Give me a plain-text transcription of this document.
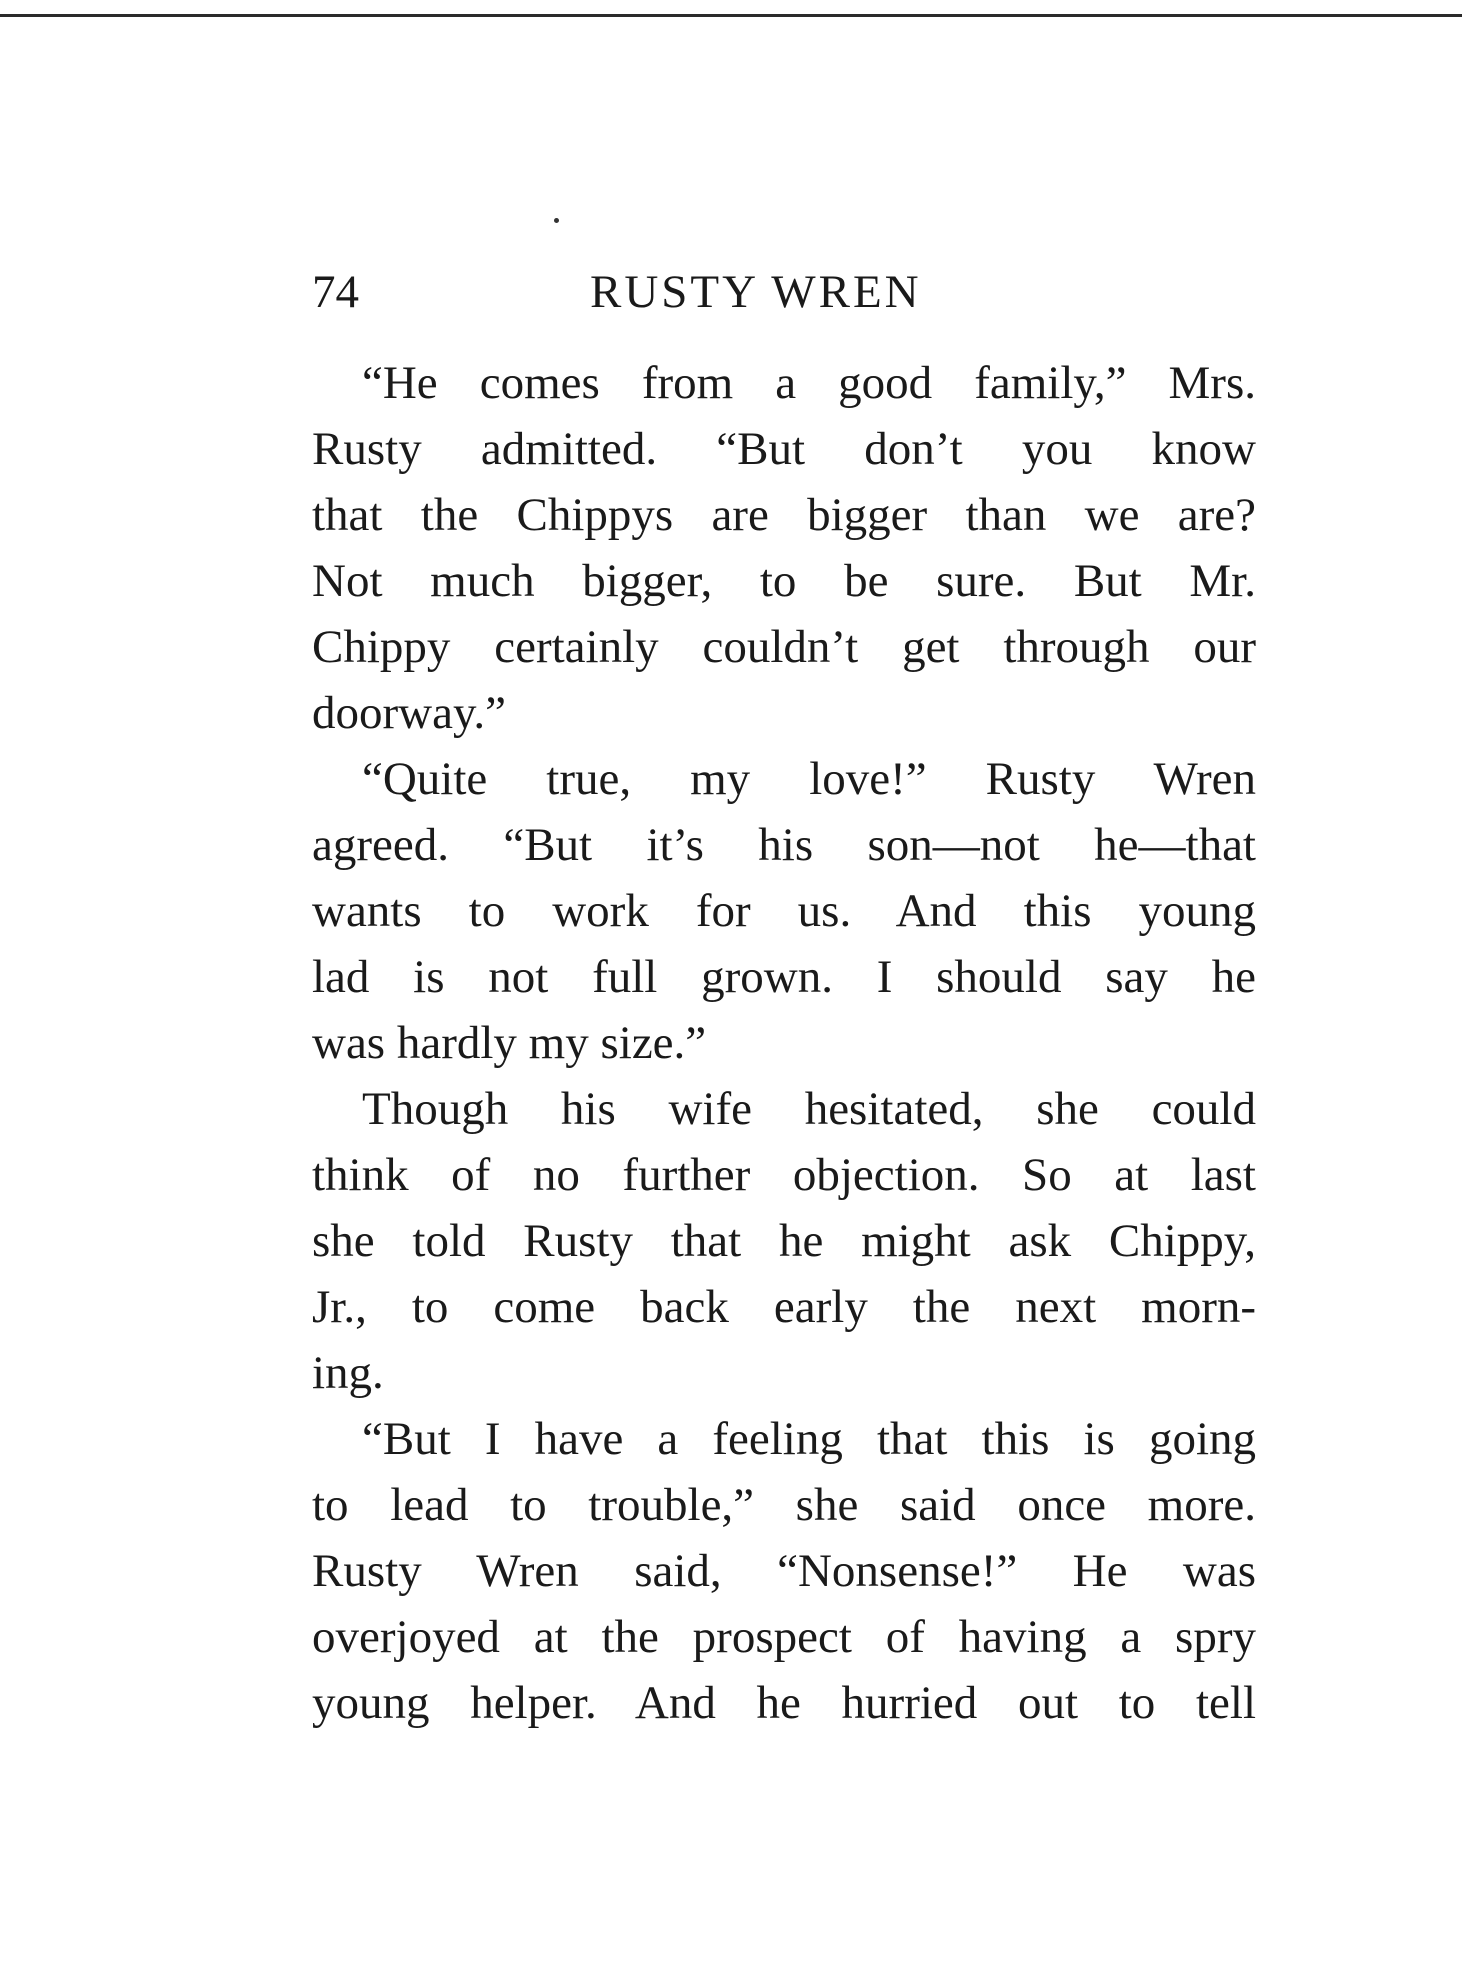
74	RUSTY WREN
“He comes from a good family,” Mrs.
Rusty admitted. “But don’t you know
that the Chippys are bigger than we are?
Not much bigger, to be sure. But Mr.
Chippy certainly couldn’t get through our
doorway.”
“Quite true, my love!” Rusty Wren
agreed. “But it’s his son—not he—that
wants to work for us. And this young
lad is not full grown. I should say he
was hardly my size.”
Though his wife hesitated, she could
think of no further objection. So at last
she told Rusty that he might ask Chippy,
Jr., to come back early the next morn-
ing.
“But I have a feeling that this is going
to lead to trouble,” she said once more.
Rusty Wren said, “Nonsense!” He was
overjoyed at the prospect of having a spry
young helper. And he hurried out to tell
